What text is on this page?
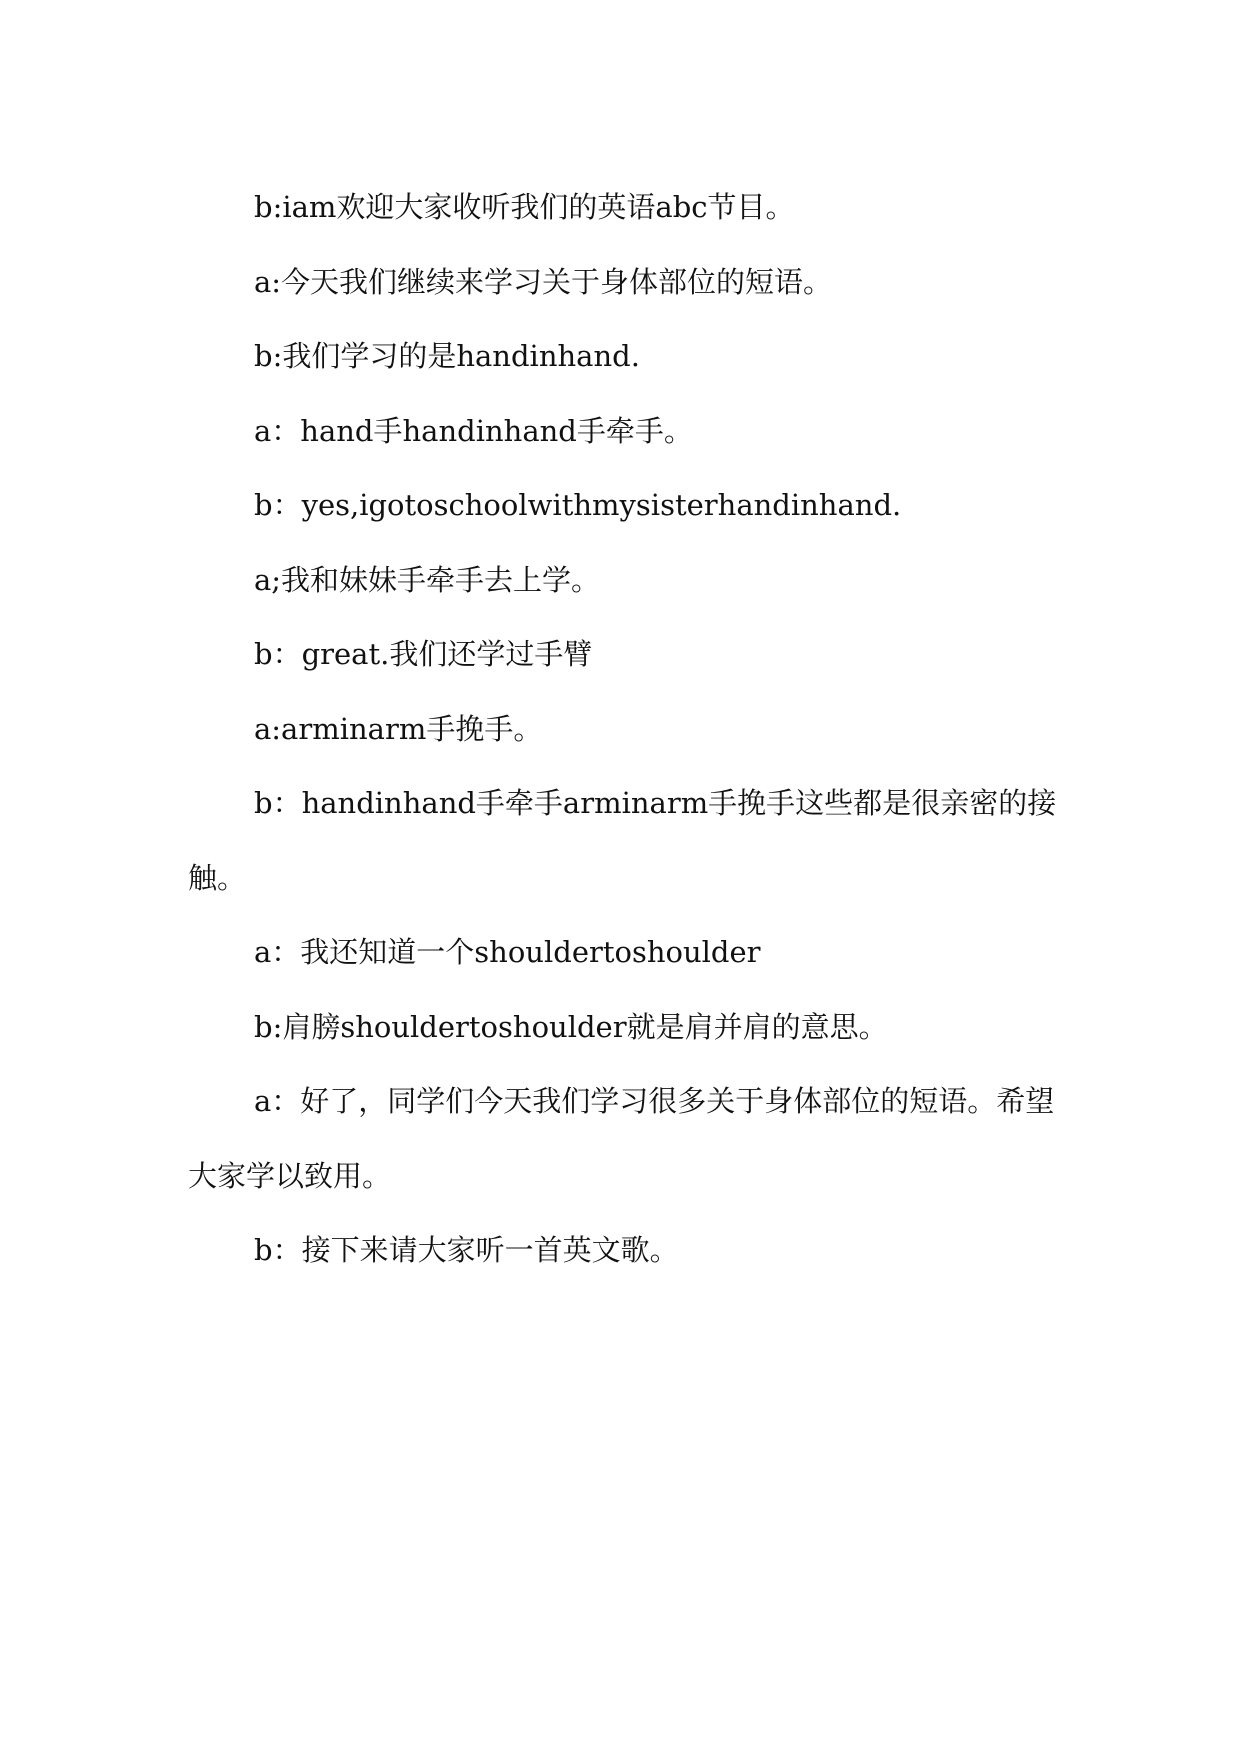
b:iam欢迎大家收听我们的英语abc节目。

a:今天我们继续来学习关于身体部位的短语。

b:我们学习的是handinhand.

a：hand手handinhand手牵手。

b：yes,igotoschoolwithmysisterhandinhand.

a;我和妹妹手牵手去上学。

b：great.我们还学过手臂

a:arminarm手挽手。

b：handinhand手牵手arminarm手挽手这些都是很亲密的接触。

a：我还知道一个shouldertoshoulder

b:肩膀shouldertoshoulder就是肩并肩的意思。

a：好了，同学们今天我们学习很多关于身体部位的短语。希望大家学以致用。

b：接下来请大家听一首英文歌。
